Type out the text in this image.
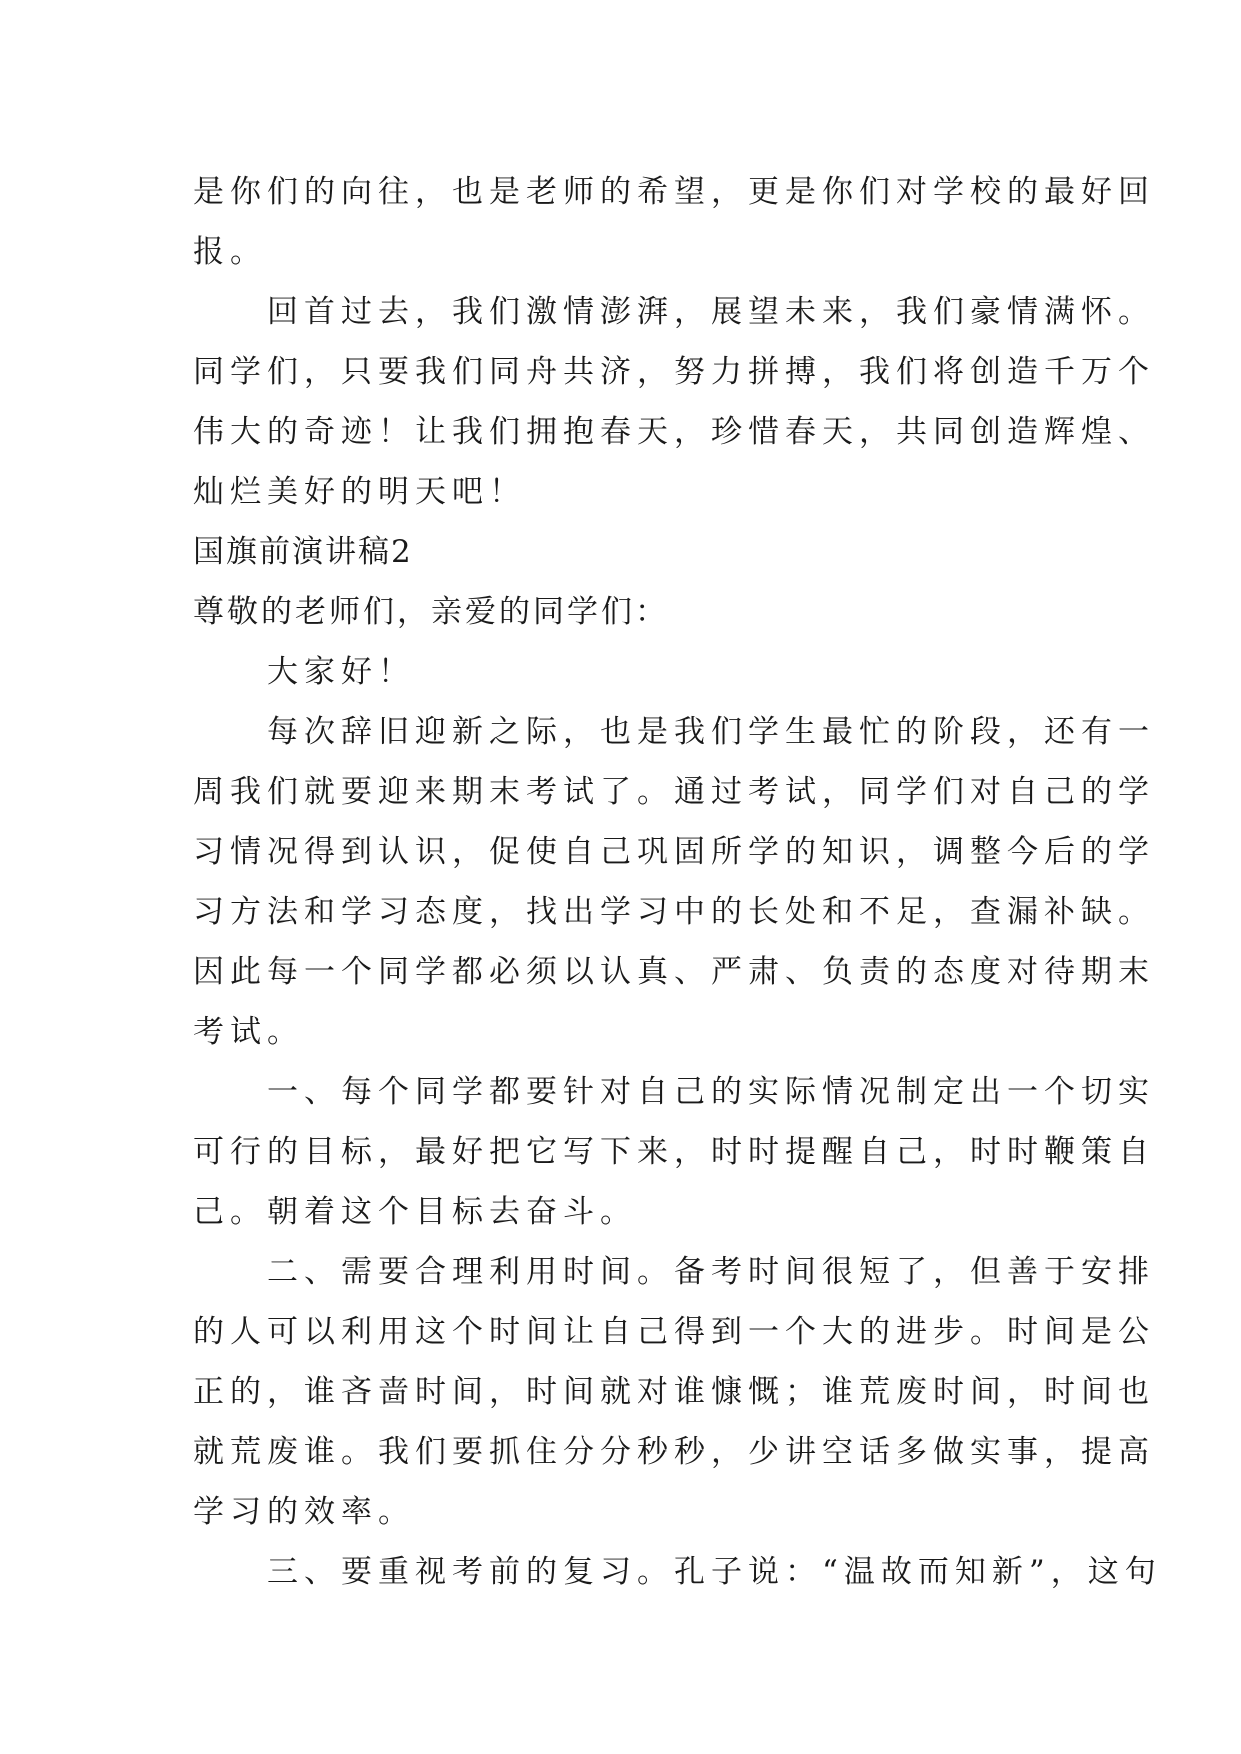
是你们的向往，也是老师的希望，更是你们对学校的最好回
报。
　　回首过去，我们激情澎湃，展望未来，我们豪情满怀。
同学们，只要我们同舟共济，努力拼搏，我们将创造千万个
伟大的奇迹！让我们拥抱春天，珍惜春天，共同创造辉煌、
灿烂美好的明天吧！
国旗前演讲稿2
尊敬的老师们，亲爱的同学们：
　　大家好！
　　每次辞旧迎新之际，也是我们学生最忙的阶段，还有一
周我们就要迎来期末考试了。通过考试，同学们对自己的学
习情况得到认识，促使自己巩固所学的知识，调整今后的学
习方法和学习态度，找出学习中的长处和不足，查漏补缺。
因此每一个同学都必须以认真、严肃、负责的态度对待期末
考试。
　　一、每个同学都要针对自己的实际情况制定出一个切实
可行的目标，最好把它写下来，时时提醒自己，时时鞭策自
己。朝着这个目标去奋斗。
　　二、需要合理利用时间。备考时间很短了，但善于安排
的人可以利用这个时间让自己得到一个大的进步。时间是公
正的，谁吝啬时间，时间就对谁慷慨；谁荒废时间，时间也
就荒废谁。我们要抓住分分秒秒，少讲空话多做实事，提高
学习的效率。
　　三、要重视考前的复习。孔子说：“温故而知新”，这句
